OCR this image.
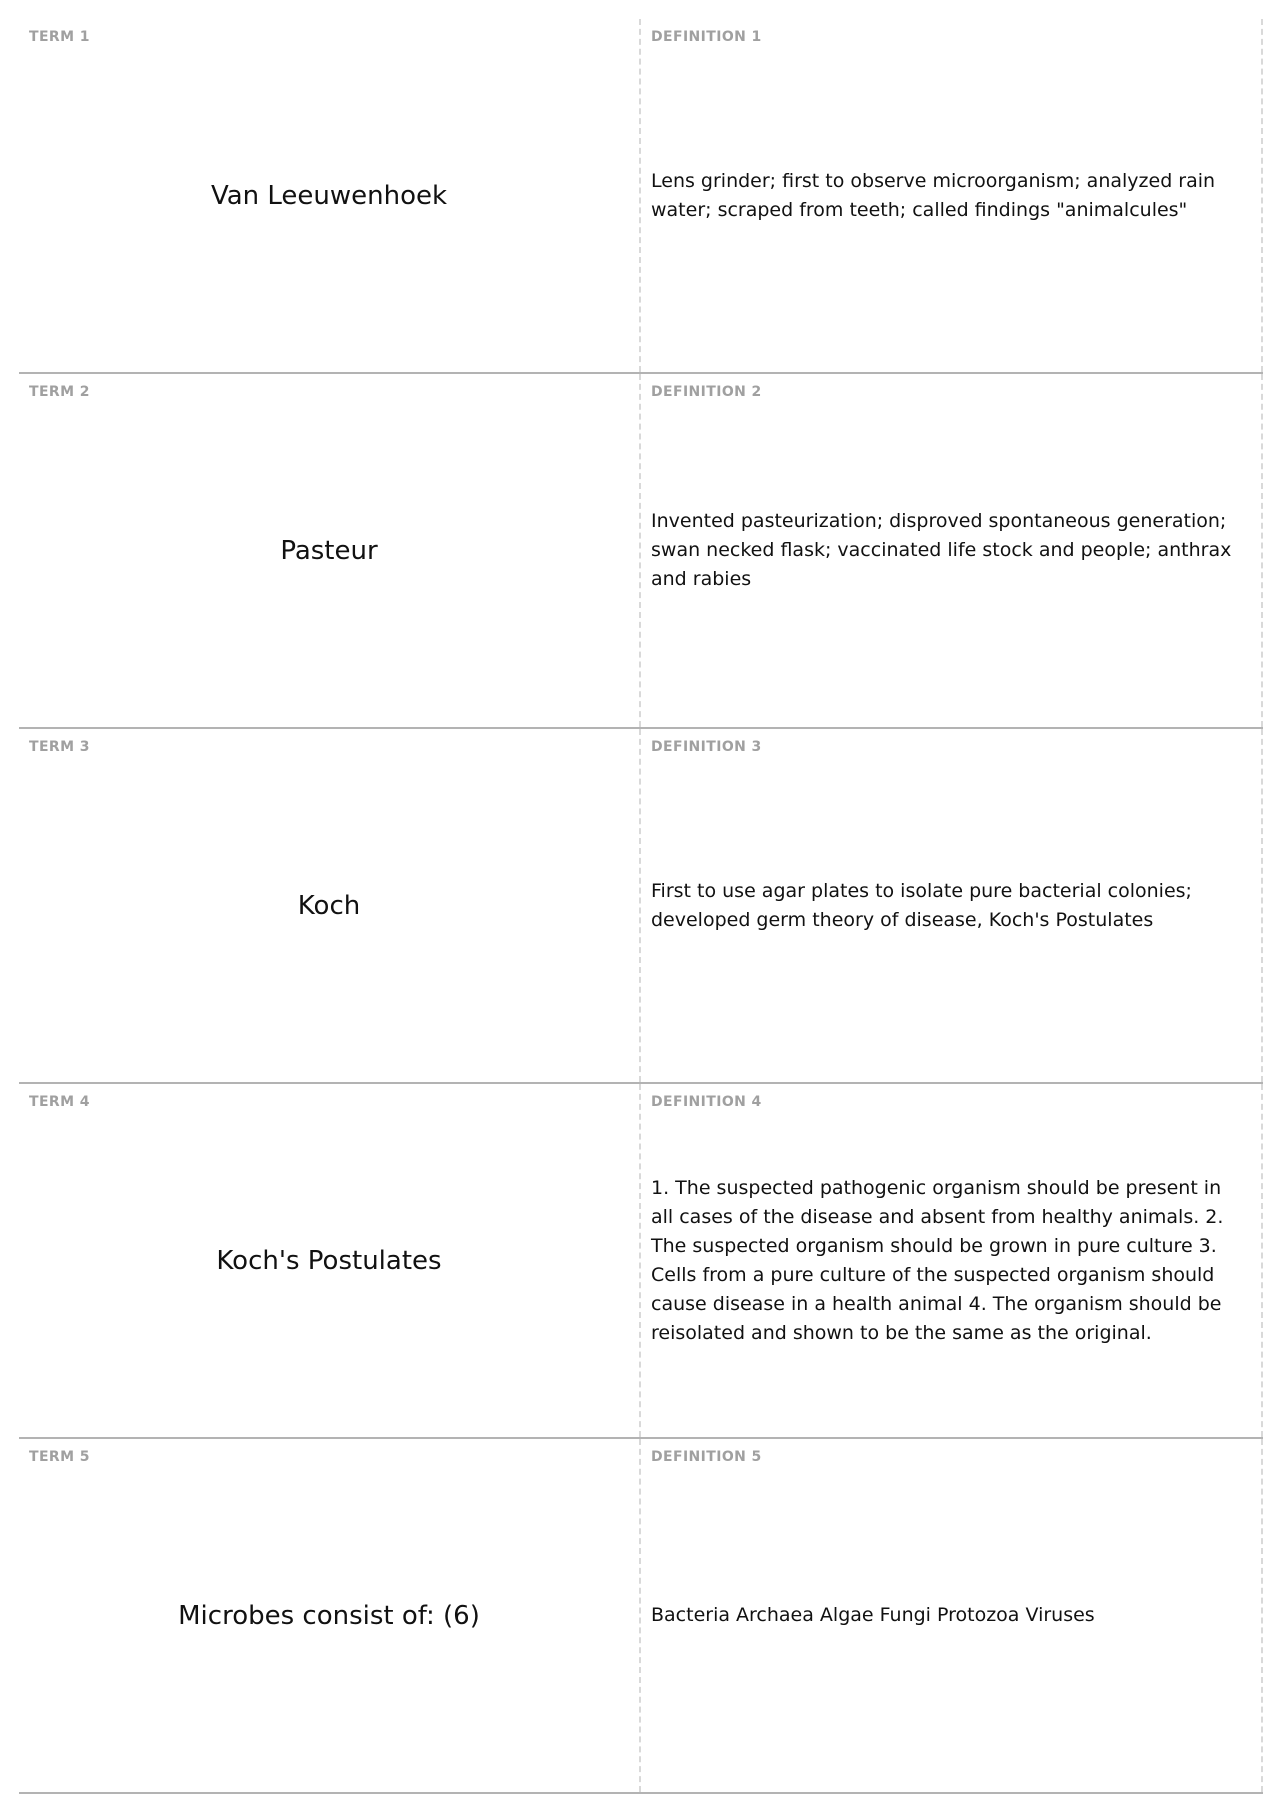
TERM 1
Van Leeuwenhoek
DEFINITION 1
Lens grinder; first to observe microorganism; analyzed rain water; scraped from teeth; called findings "animalcules"
TERM 2
Pasteur
DEFINITION 2
Invented pasteurization; disproved spontaneous generation; swan necked flask; vaccinated life stock and people; anthrax and rabies
TERM 3
Koch
DEFINITION 3
First to use agar plates to isolate pure bacterial colonies; developed germ theory of disease, Koch's Postulates
TERM 4
Koch's Postulates
DEFINITION 4
1. The suspected pathogenic organism should be present in all cases of the disease and absent from healthy animals. 2. The suspected organism should be grown in pure culture 3. Cells from a pure culture of the suspected organism should cause disease in a health animal 4. The organism should be reisolated and shown to be the same as the original.
TERM 5
Microbes consist of: (6)
DEFINITION 5
Bacteria Archaea Algae Fungi Protozoa Viruses
